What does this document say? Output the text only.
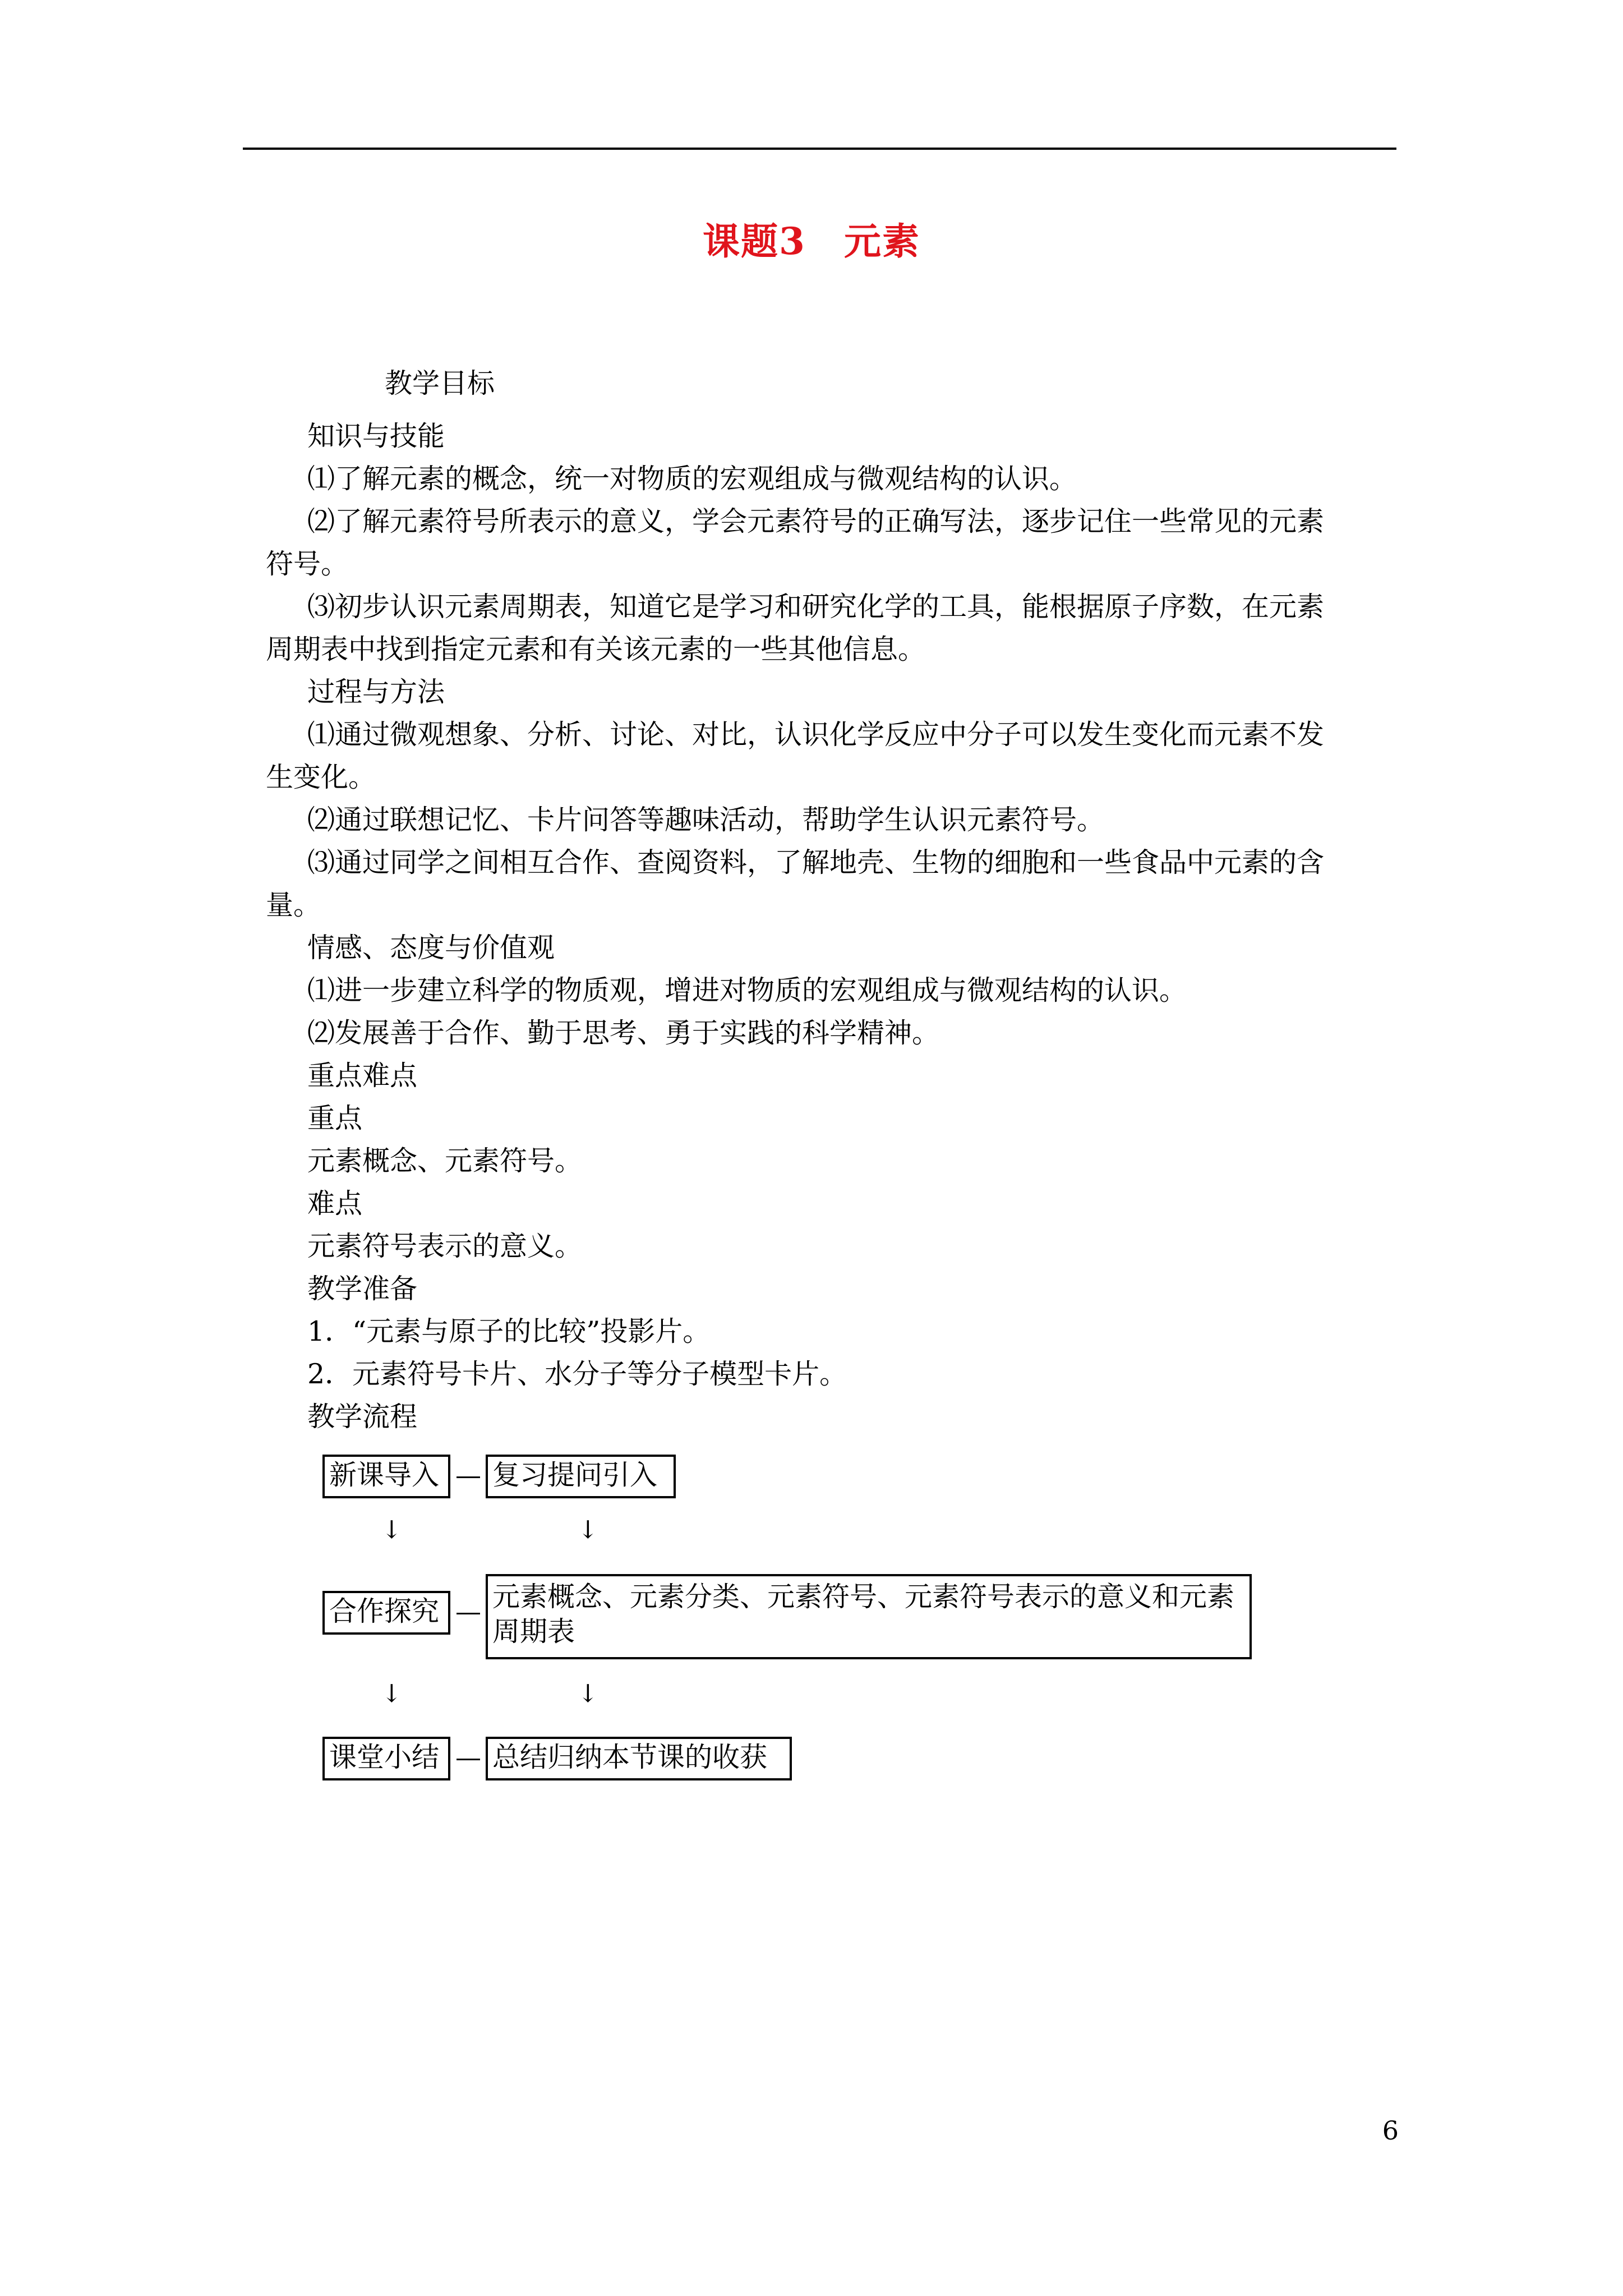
课题3　元素
教学目标
知识与技能
⑴了解元素的概念，统一对物质的宏观组成与微观结构的认识。
⑵了解元素符号所表示的意义，学会元素符号的正确写法，逐步记住一些常见的元素
符号。
⑶初步认识元素周期表，知道它是学习和研究化学的工具，能根据原子序数，在元素
周期表中找到指定元素和有关该元素的一些其他信息。
过程与方法
⑴通过微观想象、分析、讨论、对比，认识化学反应中分子可以发生变化而元素不发
生变化。
⑵通过联想记忆、卡片问答等趣味活动，帮助学生认识元素符号。
⑶通过同学之间相互合作、查阅资料，了解地壳、生物的细胞和一些食品中元素的含
量。
情感、态度与价值观
⑴进一步建立科学的物质观，增进对物质的宏观组成与微观结构的认识。
⑵发展善于合作、勤于思考、勇于实践的科学精神。
重点难点
重点
元素概念、元素符号。
难点
元素符号表示的意义。
教学准备
1．“元素与原子的比较”投影片。
2．元素符号卡片、水分子等分子模型卡片。
教学流程
新课导入	复习提问引入
↓	↓
合作探究	元素概念、元素分类、元素符号、元素符号表示的意义和元素周期表
↓	↓
课堂小结	总结归纳本节课的收获
6
